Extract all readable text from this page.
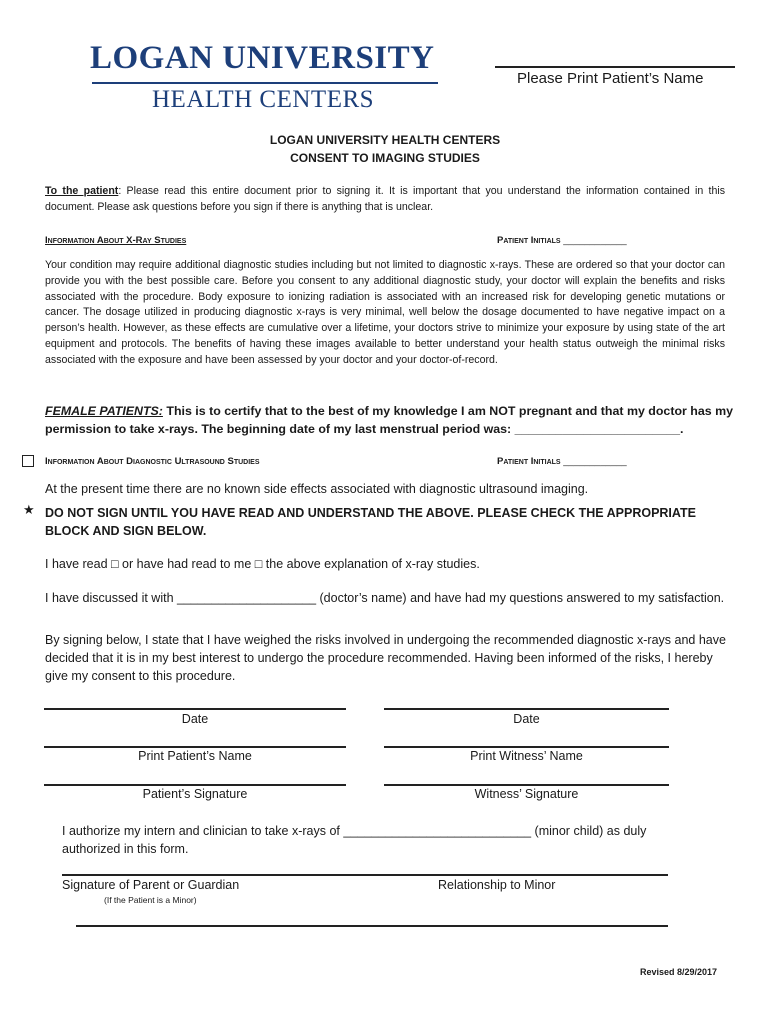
LOGAN UNIVERSITY
HEALTH CENTERS
Please Print Patient’s Name
LOGAN UNIVERSITY HEALTH CENTERS
CONSENT TO IMAGING STUDIES
To the patient: Please read this entire document prior to signing it. It is important that you understand the information contained in this document. Please ask questions before you sign if there is anything that is unclear.
Information About X-Ray Studies	Patient Initials ____________
Your condition may require additional diagnostic studies including but not limited to diagnostic x-rays. These are ordered so that your doctor can provide you with the best possible care. Before you consent to any additional diagnostic study, your doctor will explain the benefits and risks associated with the procedure. Body exposure to ionizing radiation is associated with an increased risk for developing genetic mutations or cancer. The dosage utilized in producing diagnostic x-rays is very minimal, well below the dosage documented to have negative impact on a person’s health. However, as these effects are cumulative over a lifetime, your doctors strive to minimize your exposure by using state of the art equipment and protocols. The benefits of having these images available to better understand your health status outweigh the minimal risks associated with the exposure and have been assessed by your doctor and your doctor-of-record.
FEMALE PATIENTS: This is to certify that to the best of my knowledge I am NOT pregnant and that my doctor has my permission to take x-rays. The beginning date of my last menstrual period was: ________________________.
Information About Diagnostic Ultrasound Studies	Patient Initials ____________
At the present time there are no known side effects associated with diagnostic ultrasound imaging.
★ DO NOT SIGN UNTIL YOU HAVE READ AND UNDERSTAND THE ABOVE. PLEASE CHECK THE APPROPRIATE BLOCK AND SIGN BELOW.
I have read □ or have had read to me □ the above explanation of x-ray studies.
I have discussed it with ____________________ (doctor’s name) and have had my questions answered to my satisfaction.
By signing below, I state that I have weighed the risks involved in undergoing the recommended diagnostic x-rays and have decided that it is in my best interest to undergo the procedure recommended. Having been informed of the risks, I hereby give my consent to this procedure.
Date	Date
Print Patient’s Name	Print Witness’ Name
Patient’s Signature	Witness’ Signature
I authorize my intern and clinician to take x-rays of ___________________________ (minor child) as duly authorized in this form.
Signature of Parent or Guardian	Relationship to Minor
(If the Patient is a Minor)
Revised 8/29/2017
